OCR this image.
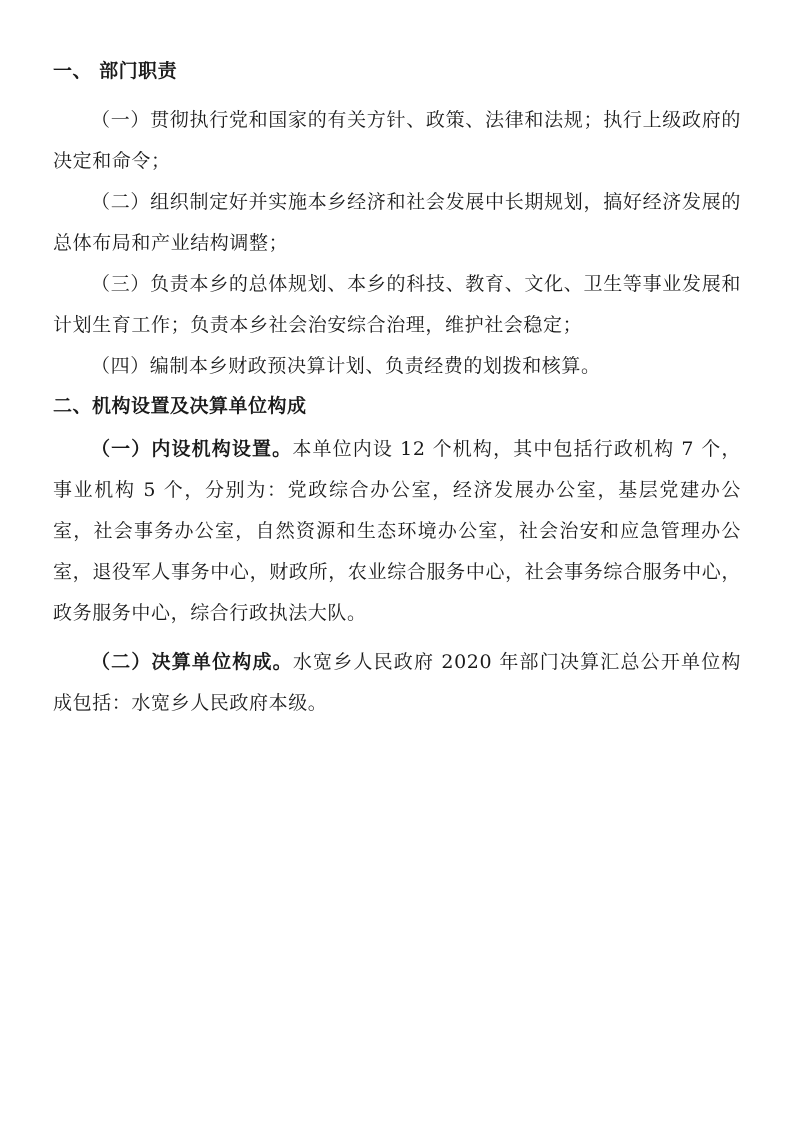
一、 部门职责

（一）贯彻执行党和国家的有关方针、政策、法律和法规；执行上级政府的决定和命令；

（二）组织制定好并实施本乡经济和社会发展中长期规划，搞好经济发展的总体布局和产业结构调整；

（三）负责本乡的总体规划、本乡的科技、教育、文化、卫生等事业发展和计划生育工作；负责本乡社会治安综合治理，维护社会稳定；

（四）编制本乡财政预决算计划、负责经费的划拨和核算。

二、机构设置及决算单位构成

（一）内设机构设置。本单位内设 12 个机构，其中包括行政机构 7 个，事业机构 5 个，分别为：党政综合办公室，经济发展办公室，基层党建办公室，社会事务办公室，自然资源和生态环境办公室，社会治安和应急管理办公室，退役军人事务中心，财政所，农业综合服务中心，社会事务综合服务中心，政务服务中心，综合行政执法大队。

（二）决算单位构成。水宽乡人民政府 2020 年部门决算汇总公开单位构成包括：水宽乡人民政府本级。
